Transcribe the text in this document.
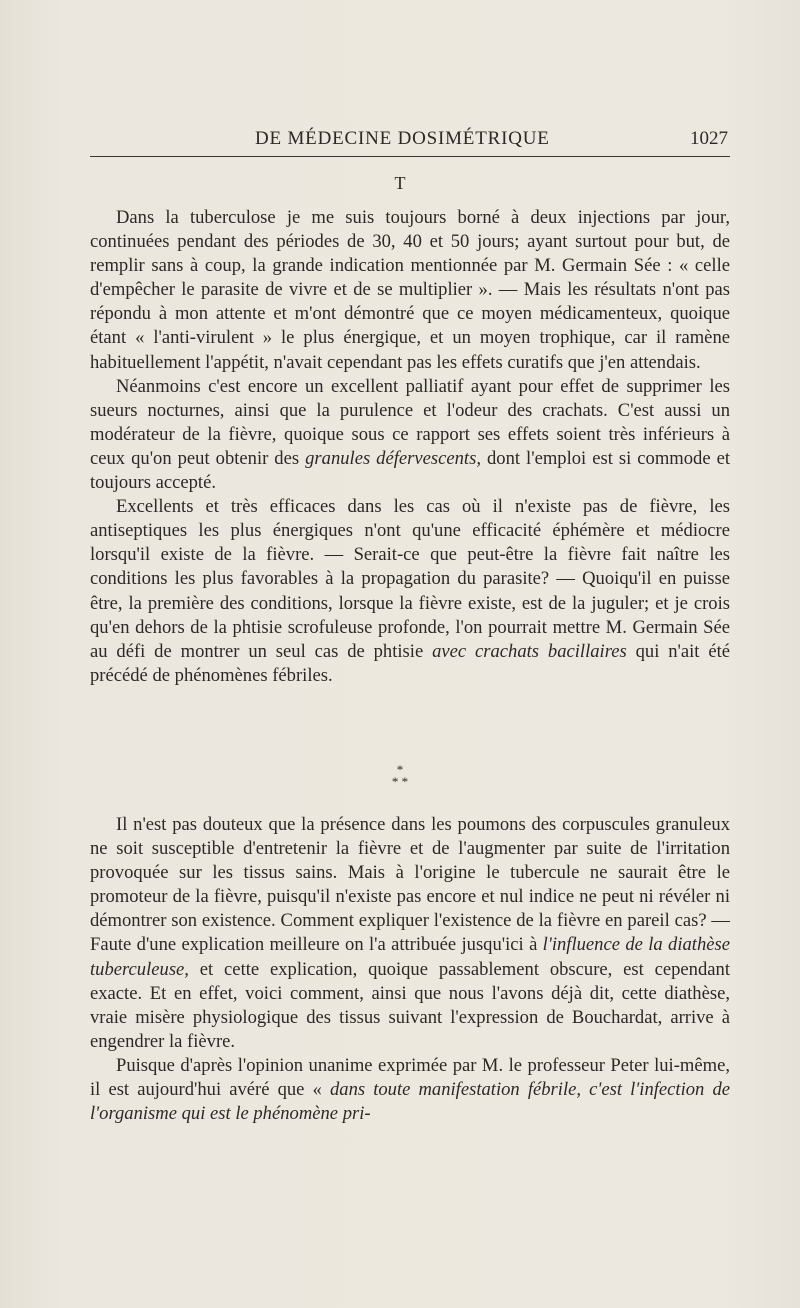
DE MÉDECINE DOSIMÉTRIQUE	1027
T

Dans la tuberculose je me suis toujours borné à deux injections par jour, continuées pendant des périodes de 30, 40 et 50 jours; ayant surtout pour but, de remplir sans à coup, la grande indication mentionnée par M. Germain Sée : « celle d'empêcher le parasite de vivre et de se multiplier ». — Mais les résultats n'ont pas répondu à mon attente et m'ont démontré que ce moyen médicamenteux, quoique étant « l'anti-virulent » le plus énergique, et un moyen trophique, car il ramène habituellement l'appétit, n'avait cependant pas les effets curatifs que j'en attendais.

Néanmoins c'est encore un excellent palliatif ayant pour effet de supprimer les sueurs nocturnes, ainsi que la purulence et l'odeur des crachats. C'est aussi un modérateur de la fièvre, quoique sous ce rapport ses effets soient très inférieurs à ceux qu'on peut obtenir des granules défervescents, dont l'emploi est si commode et toujours accepté.

Excellents et très efficaces dans les cas où il n'existe pas de fièvre, les antiseptiques les plus énergiques n'ont qu'une efficacité éphémère et médiocre lorsqu'il existe de la fièvre. — Serait-ce que peut-être la fièvre fait naître les conditions les plus favorables à la propagation du parasite? — Quoiqu'il en puisse être, la première des conditions, lorsque la fièvre existe, est de la juguler; et je crois qu'en dehors de la phtisie scrofuleuse profonde, l'on pourrait mettre M. Germain Sée au défi de montrer un seul cas de phtisie avec crachats bacillaires qui n'ait été précédé de phénomènes fébriles.

*
* *

Il n'est pas douteux que la présence dans les poumons des corpuscules granuleux ne soit susceptible d'entretenir la fièvre et de l'augmenter par suite de l'irritation provoquée sur les tissus sains. Mais à l'origine le tubercule ne saurait être le promoteur de la fièvre, puisqu'il n'existe pas encore et nul indice ne peut ni révéler ni démontrer son existence. Comment expliquer l'existence de la fièvre en pareil cas? — Faute d'une explication meilleure on l'a attribuée jusqu'ici à l'influence de la diathèse tuberculeuse, et cette explication, quoique passablement obscure, est cependant exacte. Et en effet, voici comment, ainsi que nous l'avons déjà dit, cette diathèse, vraie misère physiologique des tissus suivant l'expression de Bouchardat, arrive à engendrer la fièvre.

Puisque d'après l'opinion unanime exprimée par M. le professeur Peter lui-même, il est aujourd'hui avéré que « dans toute manifestation fébrile, c'est l'infection de l'organisme qui est le phénomène pri-
